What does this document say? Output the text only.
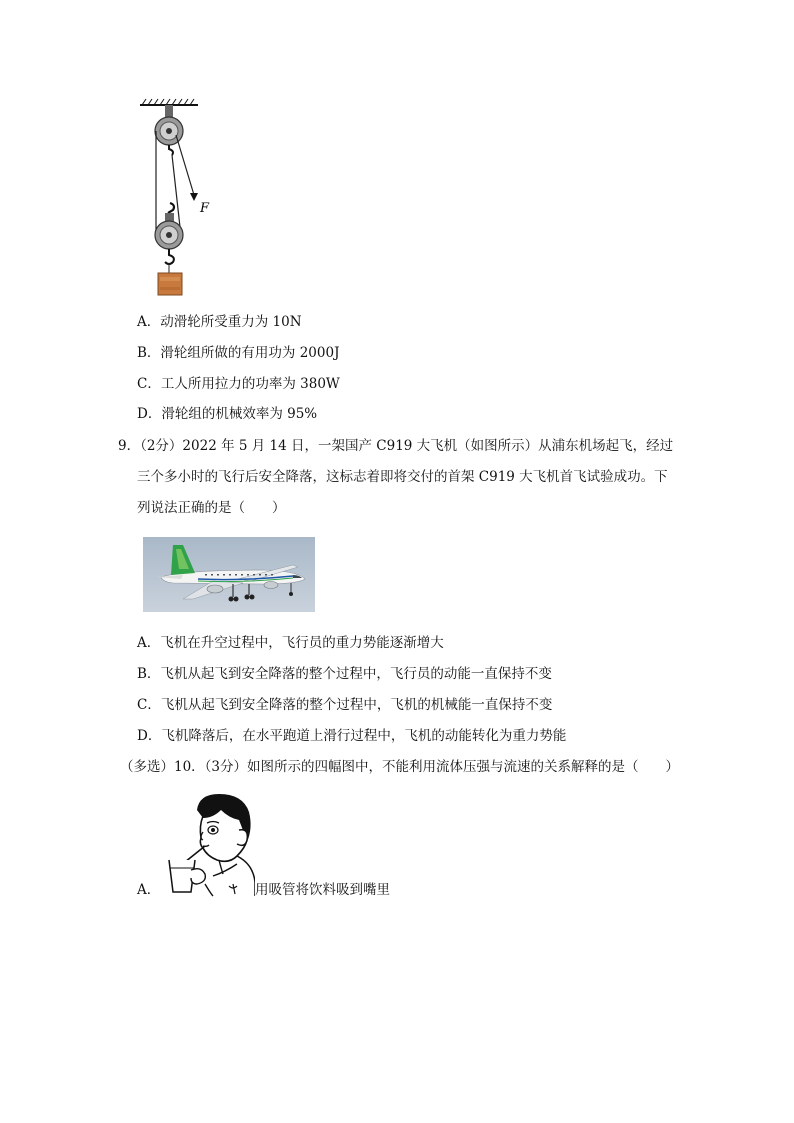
F
A．动滑轮所受重力为 10N
B．滑轮组所做的有用功为 2000J
C．工人所用拉力的功率为 380W
D．滑轮组的机械效率为 95%
9．（2分）2022 年 5 月 14 日，一架国产 C919 大飞机（如图所示）从浦东机场起飞，经过
三个多小时的飞行后安全降落，这标志着即将交付的首架 C919 大飞机首飞试验成功。下
列说法正确的是（　　）
A．飞机在升空过程中，飞行员的重力势能逐渐增大
B．飞机从起飞到安全降落的整个过程中，飞行员的动能一直保持不变
C．飞机从起飞到安全降落的整个过程中，飞机的机械能一直保持不变
D．飞机降落后，在水平跑道上滑行过程中，飞机的动能转化为重力势能
（多选）10．（3分）如图所示的四幅图中，不能利用流体压强与流速的关系解释的是（　　）
A．	用吸管将饮料吸到嘴里
